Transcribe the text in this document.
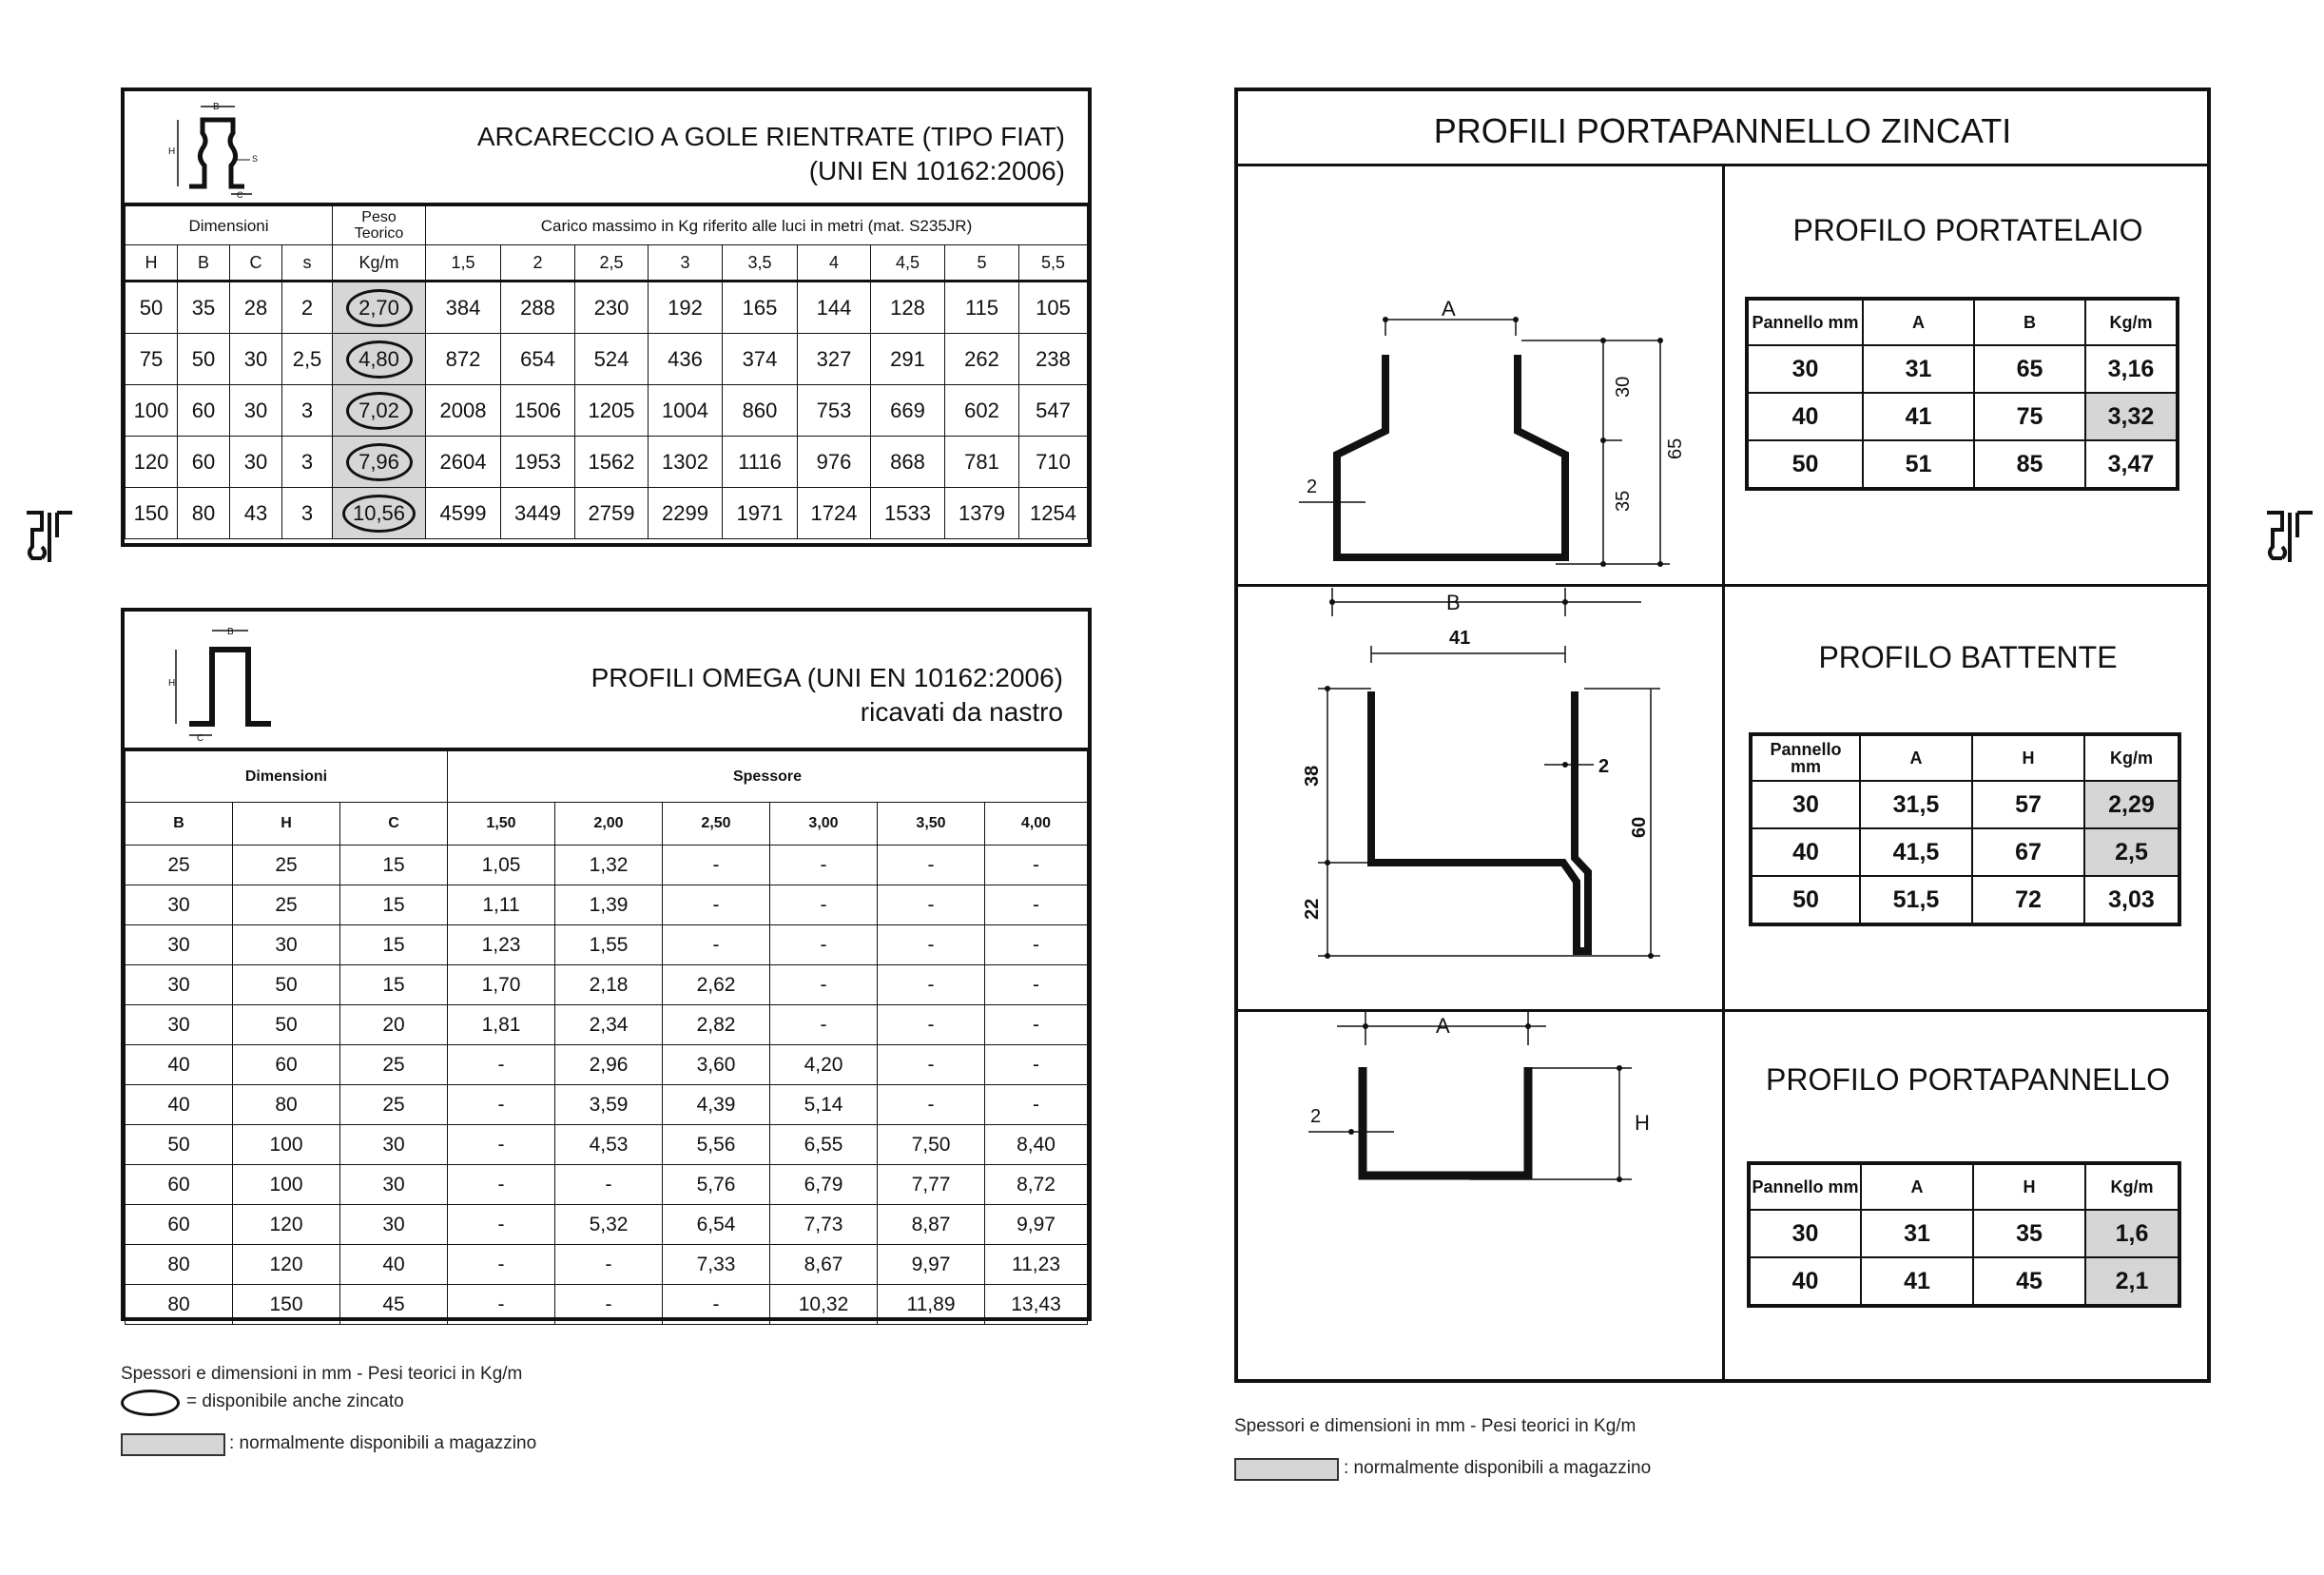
B
H
S
C
ARCARECCIO A GOLE RIENTRATE (TIPO FIAT)
(UNI EN 10162:2006)
Dimensioni				Peso Teorico	Carico massimo in Kg riferito alle luci in metri (mat. S235JR)								
H	B	C	s	Kg/m	1,5	2	2,5	3	3,5	4	4,5	5	5,5
50	35	28	2	2,70	384	288	230	192	165	144	128	115	105
75	50	30	2,5	4,80	872	654	524	436	374	327	291	262	238
100	60	30	3	7,02	2008	1506	1205	1004	860	753	669	602	547
120	60	30	3	7,96	2604	1953	1562	1302	1116	976	868	781	710
150	80	43	3	10,56	4599	3449	2759	2299	1971	1724	1533	1379	1254
B
H
C
PROFILI OMEGA (UNI EN 10162:2006)
ricavati da nastro
Dimensioni			Spessore					
B	H	C	1,50	2,00	2,50	3,00	3,50	4,00
25	25	15	1,05	1,32	-	-	-	-
30	25	15	1,11	1,39	-	-	-	-
30	30	15	1,23	1,55	-	-	-	-
30	50	15	1,70	2,18	2,62	-	-	-
30	50	20	1,81	2,34	2,82	-	-	-
40	60	25	-	2,96	3,60	4,20	-	-
40	80	25	-	3,59	4,39	5,14	-	-
50	100	30	-	4,53	5,56	6,55	7,50	8,40
60	100	30	-	-	5,76	6,79	7,77	8,72
60	120	30	-	5,32	6,54	7,73	8,87	9,97
80	120	40	-	-	7,33	8,67	9,97	11,23
80	150	45	-	-	-	10,32	11,89	13,43
Spessori e dimensioni in mm - Pesi teorici in Kg/m
= disponibile anche zincato
: normalmente disponibili a magazzino
PROFILI PORTAPANNELLO ZINCATI
A
B
2
30
35
65
41
2
38
22
60
A
H
2
PROFILO PORTATELAIO
Pannello mm	A	B	Kg/m
30	31	65	3,16
40	41	75	3,32
50	51	85	3,47
PROFILO BATTENTE
Pannello mm	A	H	Kg/m
30	31,5	57	2,29
40	41,5	67	2,5
50	51,5	72	3,03
PROFILO PORTAPANNELLO
Pannello mm	A	H	Kg/m
30	31	35	1,6
40	41	45	2,1
Spessori e dimensioni in mm - Pesi teorici in Kg/m
: normalmente disponibili a magazzino
